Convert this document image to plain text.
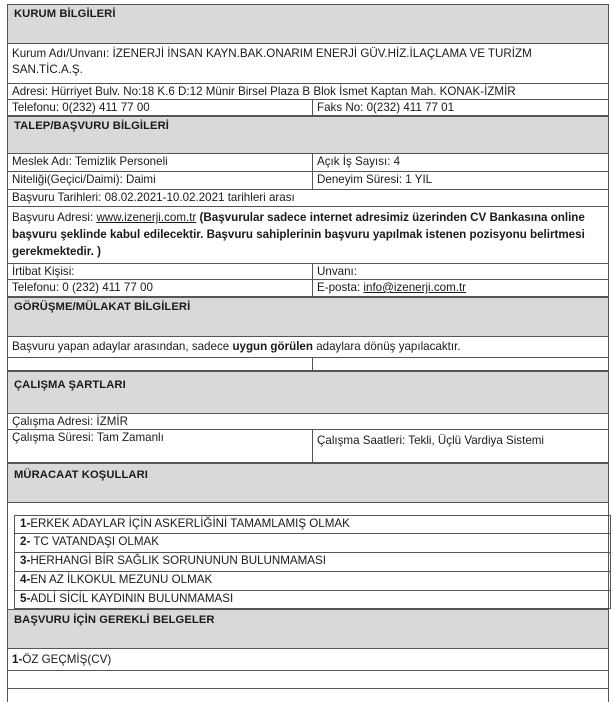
KURUM BİLGİLERİ
Kurum Adı/Unvanı: İZENERJİ İNSAN KAYN.BAK.ONARIM ENERJİ GÜV.HİZ.İLAÇLAMA VE TURİZM SAN.TİC.A.Ş.
Adresi: Hürriyet Bulv. No:18 K.6 D:12 Münir Birsel Plaza B Blok İsmet Kaptan Mah. KONAK-İZMİR
Telefonu: 0(232) 411 77 00	Faks No: 0(232) 411 77 01
TALEP/BAŞVURU BİLGİLERİ
Meslek Adı: Temizlik Personeli	Açık İş Sayısı: 4
Niteliği(Geçici/Daimi): Daimi	Deneyim Süresi: 1 YIL
Başvuru Tarihleri: 08.02.2021-10.02.2021 tarihleri arası
Başvuru Adresi: www.izenerji.com.tr (Başvurular sadece internet adresimiz üzerinden CV Bankasına online başvuru şeklinde kabul edilecektir. Başvuru sahiplerinin başvuru yapılmak istenen pozisyonu belirtmesi gerekmektedir. )
İrtibat Kişisi:	Unvanı:
Telefonu: 0 (232) 411 77 00	E-posta: info@izenerji.com.tr
GÖRÜŞME/MÜLAKAT BİLGİLERİ
Başvuru yapan adaylar arasından, sadece uygun görülen adaylara dönüş yapılacaktır.
ÇALIŞMA ŞARTLARI
Çalışma Adresi: İZMİR
Çalışma Süresi: Tam Zamanlı	Çalışma Saatleri: Tekli, Üçlü Vardiya Sistemi
MÜRACAAT KOŞULLARI
1-ERKEK ADAYLAR İÇİN ASKERLİĞİNİ TAMAMLAMIŞ OLMAK
2- TC VATANDAŞI OLMAK
3-HERHANGİ BİR SAĞLIK SORUNUNUN BULUNMAMASI
4-EN AZ İLKOKUL MEZUNU OLMAK
5-ADLİ SİCİL KAYDININ BULUNMAMASI
BAŞVURU İÇİN GEREKLİ BELGELER
1-ÖZ GEÇMİŞ(CV)
